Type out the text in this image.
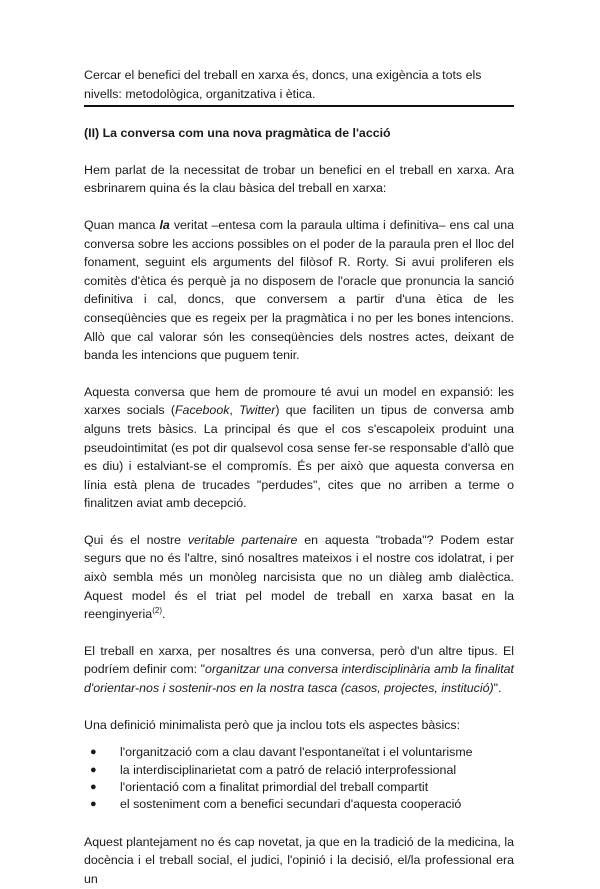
Cercar el benefici del treball en xarxa és, doncs, una exigència a tots els nivells: metodològica, organitzativa i ètica.

(II) La conversa com una nova pragmàtica de l'acció

Hem parlat de la necessitat de trobar un benefici en el treball en xarxa. Ara esbrinarem quina és la clau bàsica del treball en xarxa:

Quan manca la veritat –entesa com la paraula ultima i definitiva– ens cal una conversa sobre les accions possibles on el poder de la paraula pren el lloc del fonament, seguint els arguments del filòsof R. Rorty. Si avui proliferen els comitès d'ètica és perquè ja no disposem de l'oracle que pronuncia la sanció definitiva i cal, doncs, que conversem a partir d'una ètica de les conseqüències que es regeix per la pragmàtica i no per les bones intencions. Allò que cal valorar són les conseqüències dels nostres actes, deixant de banda les intencions que puguem tenir.

Aquesta conversa que hem de promoure té avui un model en expansió: les xarxes socials (Facebook, Twitter) que faciliten un tipus de conversa amb alguns trets bàsics. La principal és que el cos s'escapoleix produint una pseudointimitat (es pot dir qualsevol cosa sense fer-se responsable d'allò que es diu) i estalviant-se el compromís. És per això que aquesta conversa en línia està plena de trucades "perdudes", cites que no arriben a terme o finalitzen aviat amb decepció.

Qui és el nostre veritable partenaire en aquesta "trobada"? Podem estar segurs que no és l'altre, sinó nosaltres mateixos i el nostre cos idolatrat, i per això sembla més un monòleg narcisista que no un diàleg amb dialèctica. Aquest model és el triat pel model de treball en xarxa basat en la reenginyeria$^{(2)}$.

El treball en xarxa, per nosaltres és una conversa, però d'un altre tipus. El podríem definir com: "organitzar una conversa interdisciplinària amb la finalitat d'orientar-nos i sostenir-nos en la nostra tasca (casos, projectes, institució)".

Una definició minimalista però que ja inclou tots els aspectes bàsics:

● l'organització com a clau davant l'espontaneïtat i el voluntarisme
● la interdisciplinarietat com a patró de relació interprofessional
● l'orientació com a finalitat primordial del treball compartit
● el sosteniment com a benefici secundari d'aquesta cooperació

Aquest plantejament no és cap novetat, ja que en la tradició de la medicina, la docència i el treball social, el judici, l'opinió i la decisió, el/la professional era un
